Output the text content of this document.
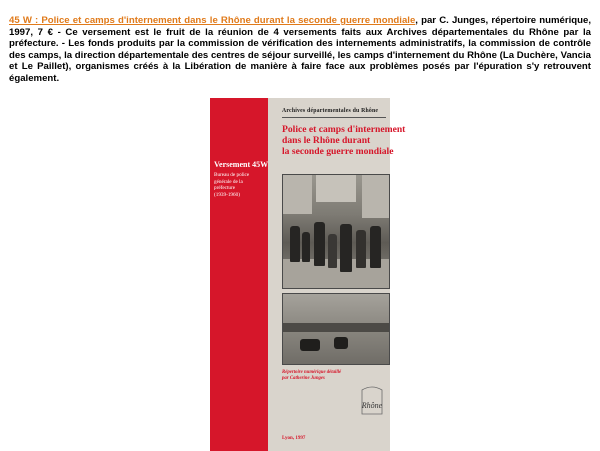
45 W : Police et camps d'internement dans le Rhône durant la seconde guerre mondiale, par C. Junges, répertoire numérique, 1997, 7 € - Ce versement est le fruit de la réunion de 4 versements faits aux Archives départementales du Rhône par la préfecture. - Les fonds produits par la commission de vérification des internements administratifs, la commission de contrôle des camps, la direction départementale des centres de séjour surveillé, les camps d'internement du Rhône (La Duchère, Vancia et Le Paillet), organismes créés à la Libération de manière à faire face aux problèmes posés par l'épuration s'y retrouvent également.

Archives départementales du Rhône
Police et camps d'internement
dans le Rhône durant
la seconde guerre mondiale
Versement 45W
Bureau de police
générale de la
préfecture
(1939-1960)
Répertoire numérique détaillé
par Catherine Junges
Rhône
Lyon, 1997
